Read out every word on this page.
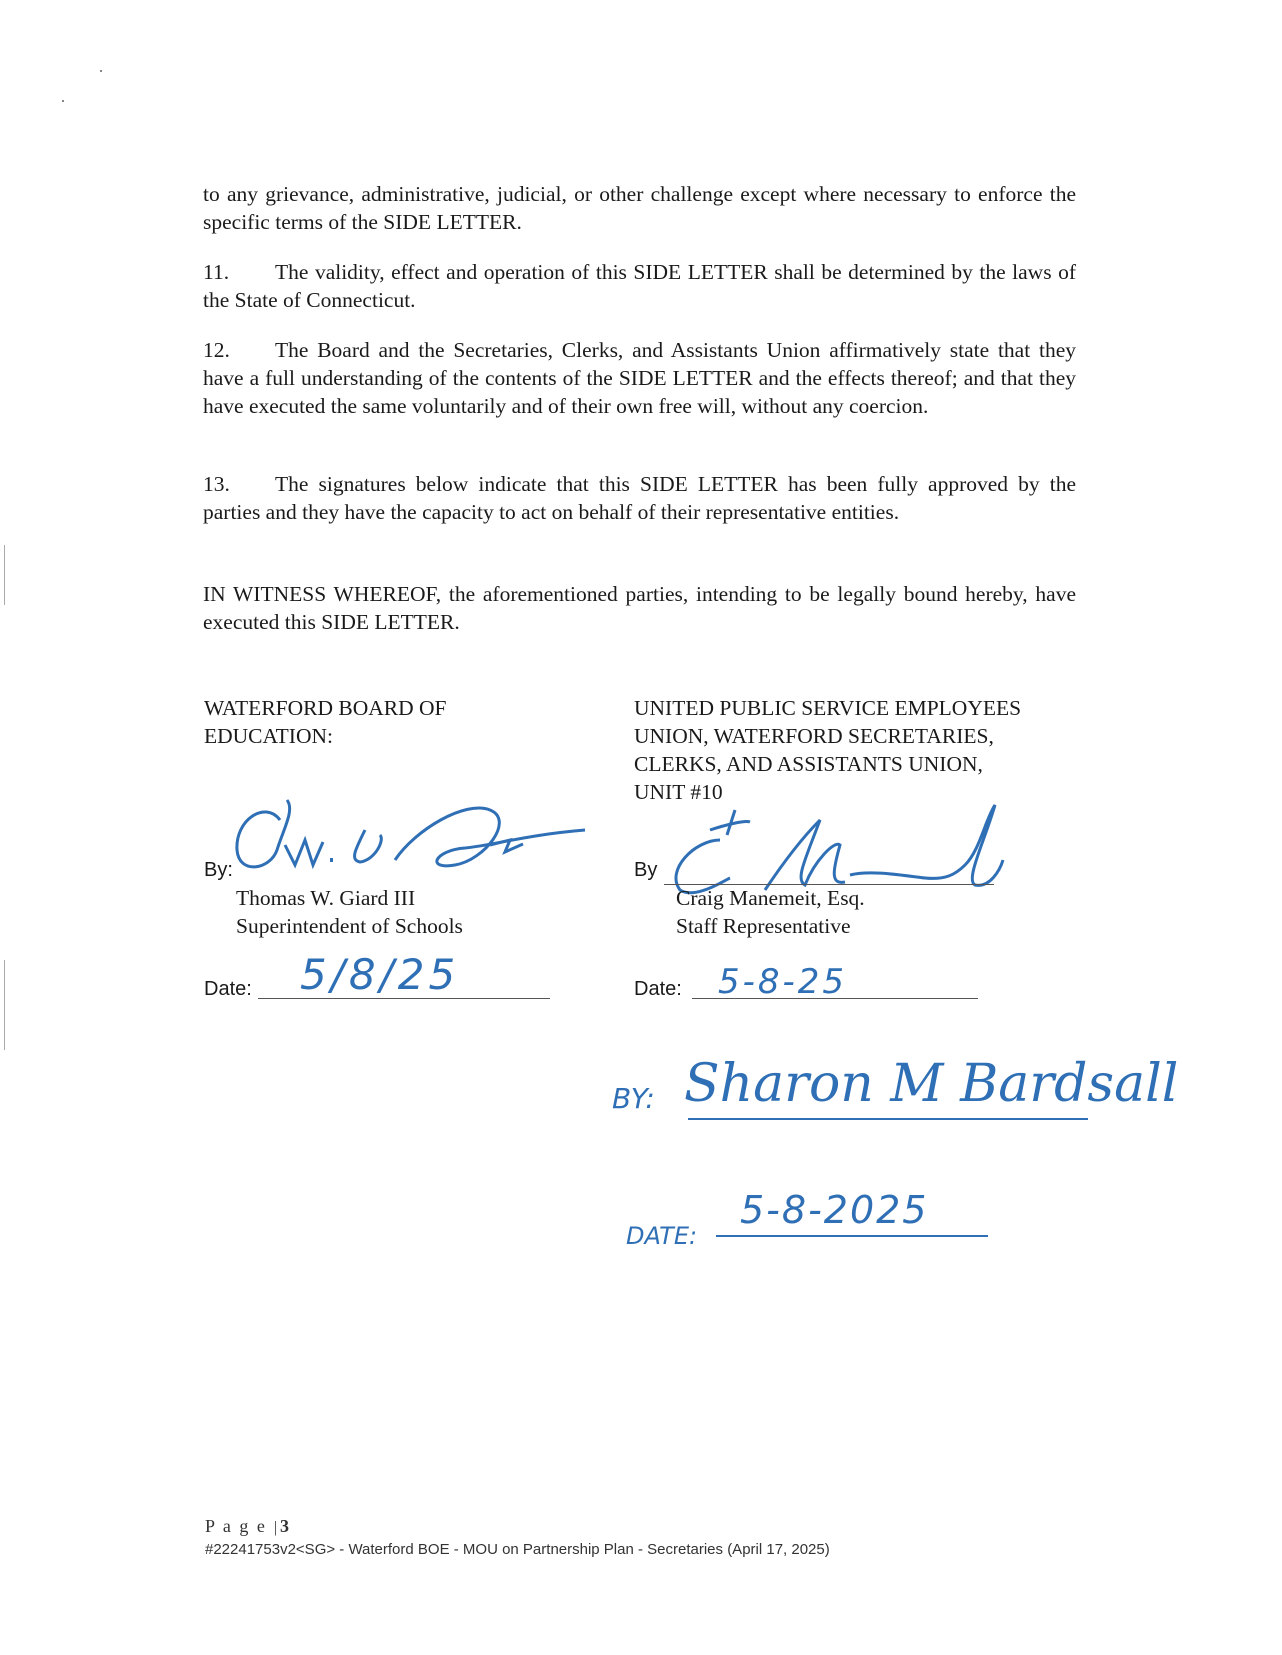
to any grievance, administrative, judicial, or other challenge except where necessary to enforce the specific terms of the SIDE LETTER.
11. The validity, effect and operation of this SIDE LETTER shall be determined by the laws of the State of Connecticut.
12. The Board and the Secretaries, Clerks, and Assistants Union affirmatively state that they have a full understanding of the contents of the SIDE LETTER and the effects thereof; and that they have executed the same voluntarily and of their own free will, without any coercion.
13. The signatures below indicate that this SIDE LETTER has been fully approved by the parties and they have the capacity to act on behalf of their representative entities.
IN WITNESS WHEREOF, the aforementioned parties, intending to be legally bound hereby, have executed this SIDE LETTER.
WATERFORD BOARD OF
EDUCATION:
By:
Thomas W. Giard III
Superintendent of Schools
Date: 5/8/25
UNITED PUBLIC SERVICE EMPLOYEES
UNION, WATERFORD SECRETARIES,
CLERKS, AND ASSISTANTS UNION,
UNIT #10
By
Craig Manemeit, Esq.
Staff Representative
Date: 5-8-25
BY: Sharon M Bardsall
DATE:
5-8-2025
P a g e | 3
#22241753v2<SG> - Waterford BOE - MOU on Partnership Plan - Secretaries (April 17, 2025)
